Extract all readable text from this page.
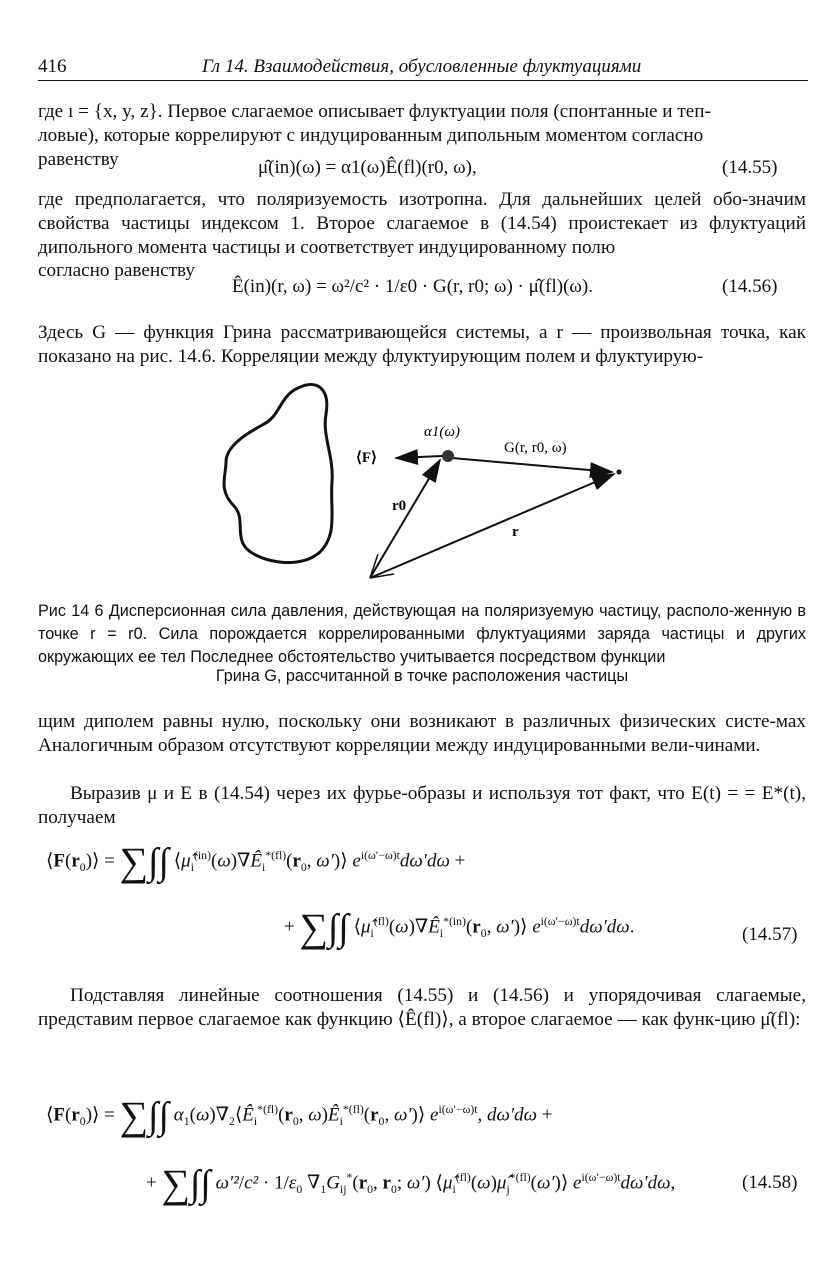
416	Гл 14. Взаимодействия, обусловленные флуктуациями

где ı = {x, y, z}. Первое слагаемое описывает флуктуации поля (спонтанные и теп-

ловые), которые коррелируют с индуцированным дипольным моментом согласно

равенству	μ̂(in)(ω) = α1(ω)Ê(fl)(r0, ω),	(14.55)

где предполагается, что поляризуемость изотропна. Для дальнейших целей обо-значим свойства частицы индексом 1. Второе слагаемое в (14.54) проистекает из флуктуаций дипольного момента частицы и соответствует индуцированному полю

согласно равенству

Ê(in)(r, ω) = ω²/c² · 1/ε0 · G(r, r0; ω) · μ̂(fl)(ω).	(14.56)

Здесь G — функция Грина рассматривающейся системы, а r — произвольная точка, как показано на рис. 14.6. Корреляции между флуктуирующим полем и флуктуирую-

α1(ω)
⟨F⟩
G(r, r0, ω)
r0
r
Рис 14 6 Дисперсионная сила давления, действующая на поляризуемую частицу, располо-женную в точке r = r0. Сила порождается коррелированными флуктуациями заряда частицы и других окружающих ее тел Последнее обстоятельство учитывается посредством функции
Грина G, рассчитанной в точке расположения частицы

щим диполем равны нулю, поскольку они возникают в различных физических систе-мах Аналогичным образом отсутствуют корреляции между индуцированными вели-чинами.

Выразив μ и E в (14.54) через их фурье-образы и используя тот факт, что E(t) = = E*(t), получаем

$⟨F(r_0)⟩$ = ∑∫∫ $⟨\mû_i^{(in)}(\omega)\nabla Ê_i^{*(fl)}(r_0$, ω′)⟩ $e^{i(\omega'-\omega)t}d\omega'd\omega$ +
+ ∑∫∫ $⟨\mû_i^{(fl)}(\omega)\nabla Ê_i^{*(in)}(r_0$, ω′)⟩ $e^{i(\omega'-\omega)t}d\omega'd\omega$.	(14.57)

Подставляя линейные соотношения (14.55) и (14.56) и упорядочивая слагаемые, представим первое слагаемое как функцию ⟨Ê(fl)⟩, а второе слагаемое — как функ-цию μ̂(fl):

$⟨F(r_0)⟩$ = ∑∫∫ $\alpha_1(\omega)\nabla_2⟨Ê_i^{*(fl)}(r_0$, $\omega)Ê_i^{*(fl)}(r_0$, ω′)⟩ $e^{i(\omega'-\omega)t}$, dω′dω +
+ ∑∫∫ $\omega'^2/c^2 \cdot 1/\varepsilon_0$ $\nabla_1G_{ij}^*(r_0$, $r_0$; ω′) $⟨\mû_i^{(fl)}(\omega)\mû_j^{*(fl)}(\omega')⟩$ $e^{i(\omega'-\omega)t}d\omega'd\omega$,	(14.58)
